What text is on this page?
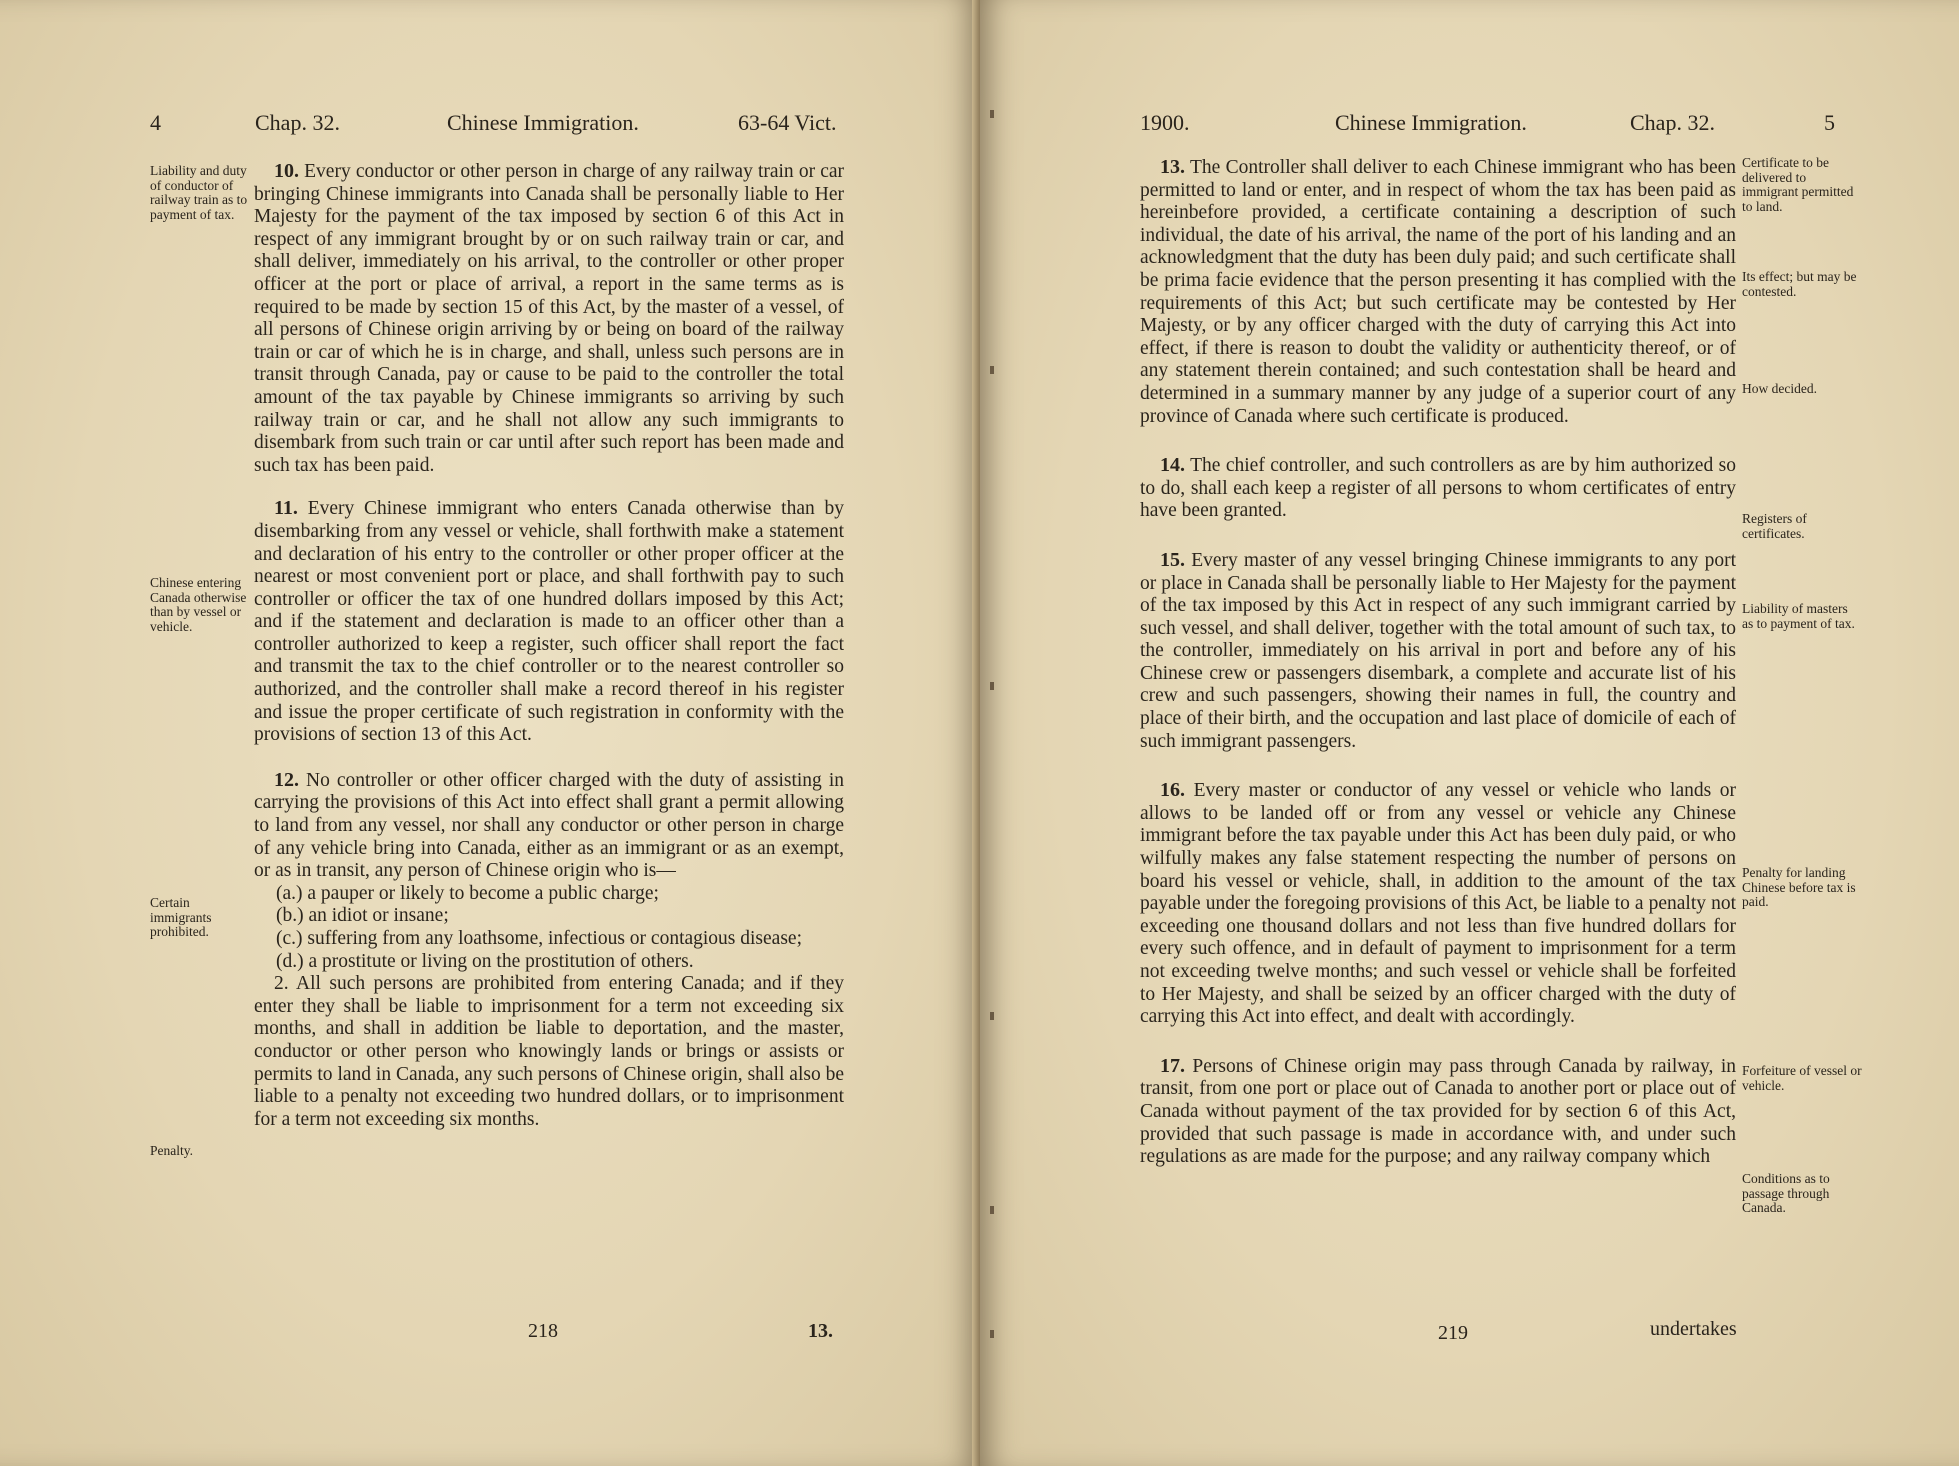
4	Chap. 32.	Chinese Immigration.	63-64 Vict.
Liability and duty of conductor of railway train as to payment of tax.
Chinese entering Canada otherwise than by vessel or vehicle.
Certain immigrants prohibited.
Penalty.

10. Every conductor or other person in charge of any railway train or car bringing Chinese immigrants into Canada shall be personally liable to Her Majesty for the payment of the tax imposed by section 6 of this Act in respect of any immigrant brought by or on such railway train or car, and shall deliver, immediately on his arrival, to the controller or other proper officer at the port or place of arrival, a report in the same terms as is required to be made by section 15 of this Act, by the master of a vessel, of all persons of Chinese origin arriving by or being on board of the railway train or car of which he is in charge, and shall, unless such persons are in transit through Canada, pay or cause to be paid to the controller the total amount of the tax payable by Chinese immigrants so arriving by such railway train or car, and he shall not allow any such immigrants to disembark from such train or car until after such report has been made and such tax has been paid.

11. Every Chinese immigrant who enters Canada otherwise than by disembarking from any vessel or vehicle, shall forthwith make a statement and declaration of his entry to the controller or other proper officer at the nearest or most convenient port or place, and shall forthwith pay to such controller or officer the tax of one hundred dollars imposed by this Act; and if the statement and declaration is made to an officer other than a controller authorized to keep a register, such officer shall report the fact and transmit the tax to the chief controller or to the nearest controller so authorized, and the controller shall make a record thereof in his register and issue the proper certificate of such registration in conformity with the provisions of section 13 of this Act.

12. No controller or other officer charged with the duty of assisting in carrying the provisions of this Act into effect shall grant a permit allowing to land from any vessel, nor shall any conductor or other person in charge of any vehicle bring into Canada, either as an immigrant or as an exempt, or as in transit, any person of Chinese origin who is—

(a.) a pauper or likely to become a public charge;
(b.) an idiot or insane;
(c.) suffering from any loathsome, infectious or contagious disease;
(d.) a prostitute or living on the prostitution of others.

2. All such persons are prohibited from entering Canada; and if they enter they shall be liable to imprisonment for a term not exceeding six months, and shall in addition be liable to deportation, and the master, conductor or other person who knowingly lands or brings or assists or permits to land in Canada, any such persons of Chinese origin, shall also be liable to a penalty not exceeding two hundred dollars, or to imprisonment for a term not exceeding six months.

218	13.
1900.	Chinese Immigration.	Chap. 32.	5
Certificate to be delivered to immigrant permitted to land.
Its effect; but may be contested.
How decided.
Registers of certificates.
Liability of masters as to payment of tax.
Penalty for landing Chinese before tax is paid.
Forfeiture of vessel or vehicle.
Conditions as to passage through Canada.

13. The Controller shall deliver to each Chinese immigrant who has been permitted to land or enter, and in respect of whom the tax has been paid as hereinbefore provided, a certificate containing a description of such individual, the date of his arrival, the name of the port of his landing and an acknowledgment that the duty has been duly paid; and such certificate shall be prima facie evidence that the person presenting it has complied with the requirements of this Act; but such certificate may be contested by Her Majesty, or by any officer charged with the duty of carrying this Act into effect, if there is reason to doubt the validity or authenticity thereof, or of any statement therein contained; and such contestation shall be heard and determined in a summary manner by any judge of a superior court of any province of Canada where such certificate is produced.

14. The chief controller, and such controllers as are by him authorized so to do, shall each keep a register of all persons to whom certificates of entry have been granted.

15. Every master of any vessel bringing Chinese immigrants to any port or place in Canada shall be personally liable to Her Majesty for the payment of the tax imposed by this Act in respect of any such immigrant carried by such vessel, and shall deliver, together with the total amount of such tax, to the controller, immediately on his arrival in port and before any of his Chinese crew or passengers disembark, a complete and accurate list of his crew and such passengers, showing their names in full, the country and place of their birth, and the occupation and last place of domicile of each of such immigrant passengers.

16. Every master or conductor of any vessel or vehicle who lands or allows to be landed off or from any vessel or vehicle any Chinese immigrant before the tax payable under this Act has been duly paid, or who wilfully makes any false statement respecting the number of persons on board his vessel or vehicle, shall, in addition to the amount of the tax payable under the foregoing provisions of this Act, be liable to a penalty not exceeding one thousand dollars and not less than five hundred dollars for every such offence, and in default of payment to imprisonment for a term not exceeding twelve months; and such vessel or vehicle shall be forfeited to Her Majesty, and shall be seized by an officer charged with the duty of carrying this Act into effect, and dealt with accordingly.

17. Persons of Chinese origin may pass through Canada by railway, in transit, from one port or place out of Canada to another port or place out of Canada without payment of the tax provided for by section 6 of this Act, provided that such passage is made in accordance with, and under such regulations as are made for the purpose; and any railway company which

219	undertakes
